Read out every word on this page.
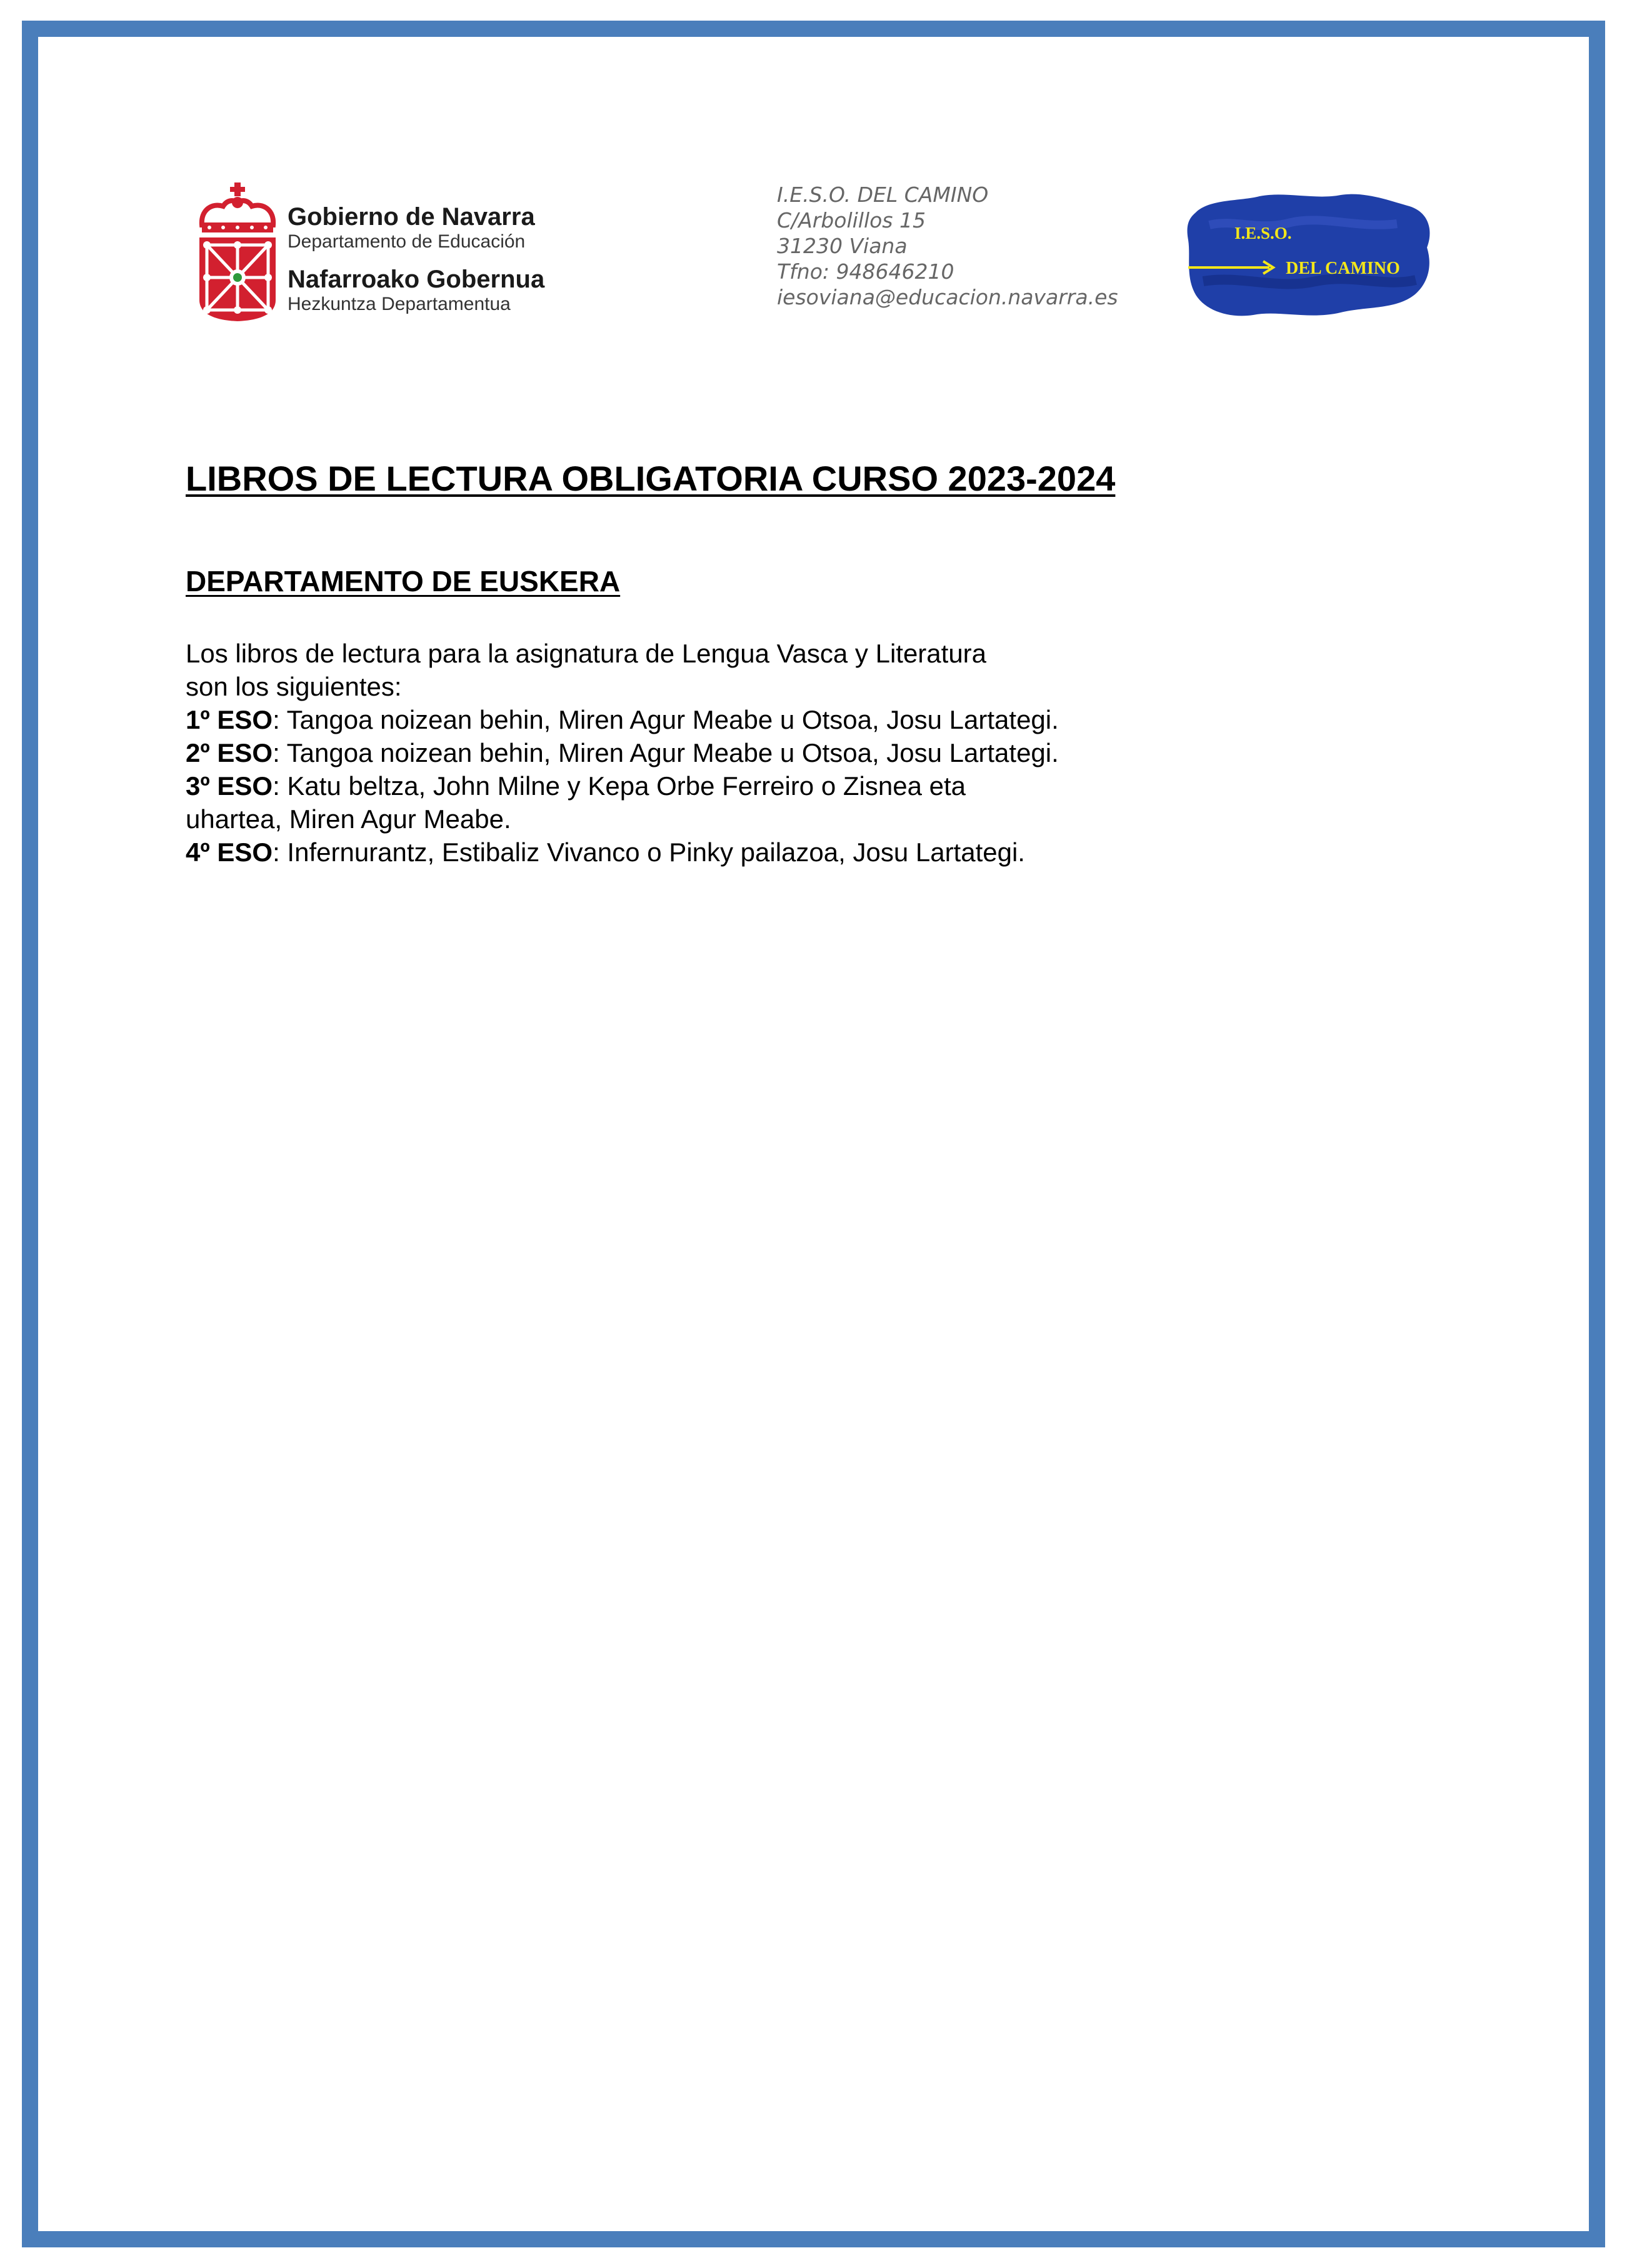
Gobierno de Navarra
Departamento de Educación
Nafarroako Gobernua
Hezkuntza Departamentua
I.E.S.O. DEL CAMINO
C/Arbolillos 15
31230 Viana
Tfno: 948646210
iesoviana@educacion.navarra.es
I.E.S.O.
DEL CAMINO
LIBROS DE LECTURA OBLIGATORIA CURSO 2023-2024
DEPARTAMENTO DE EUSKERA

Los libros de lectura para la asignatura de Lengua Vasca y Literatura

son los siguientes:

1º ESO: Tangoa noizean behin, Miren Agur Meabe u Otsoa, Josu Lartategi.

2º ESO: Tangoa noizean behin, Miren Agur Meabe u Otsoa, Josu Lartategi.

3º ESO: Katu beltza, John Milne y Kepa Orbe Ferreiro o Zisnea eta

uhartea, Miren Agur Meabe.

4º ESO: Infernurantz, Estibaliz Vivanco o Pinky pailazoa, Josu Lartategi.
